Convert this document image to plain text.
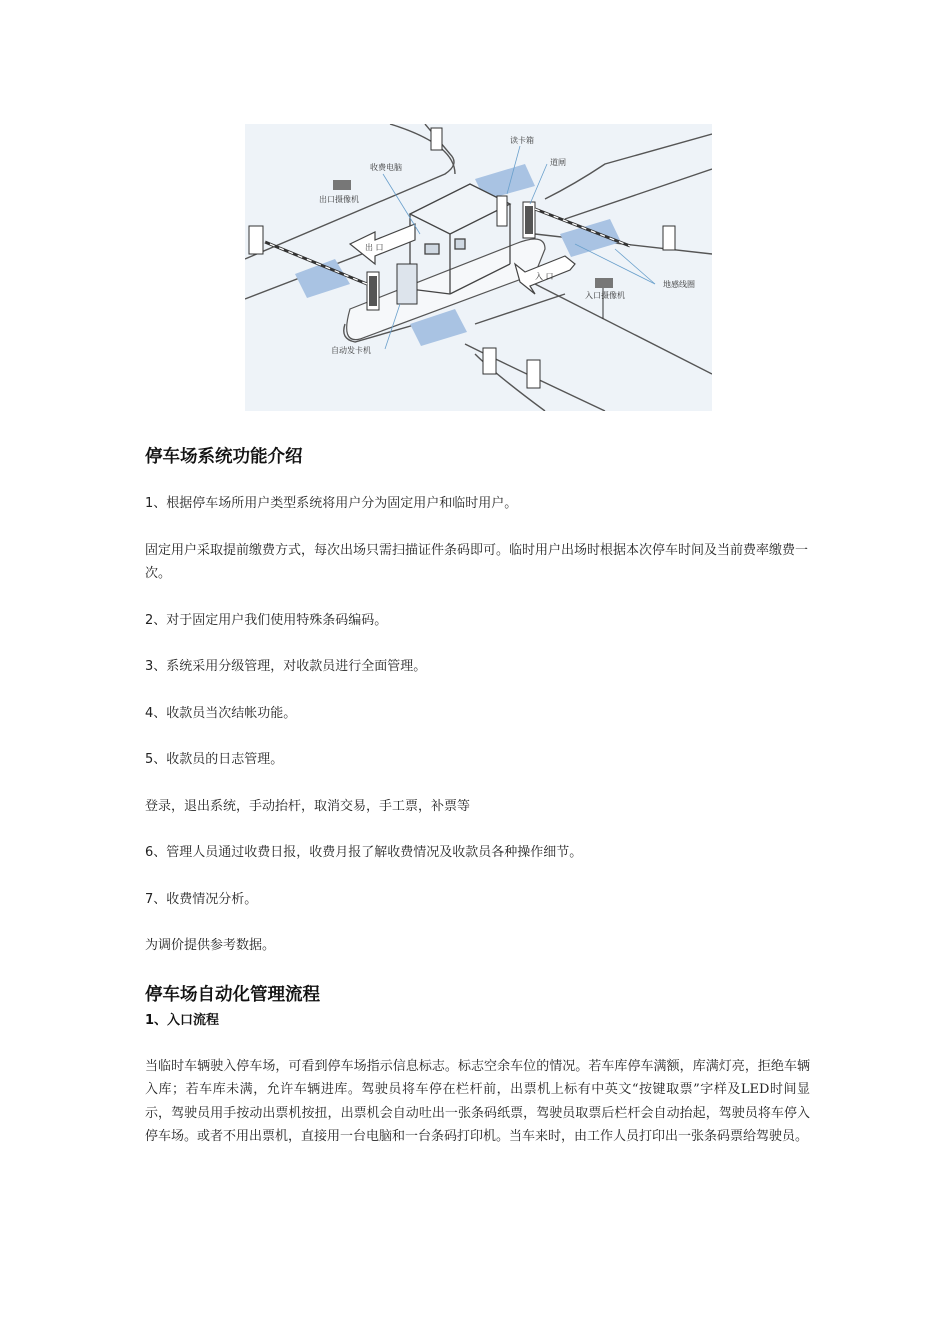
读卡箱
道闸
收费电脑
出口摄像机
出 口
入 口
入口摄像机
地感线圈
自动发卡机
停车场系统功能介绍

1、根据停车场所用户类型系统将用户分为固定用户和临时用户。

固定用户采取提前缴费方式，每次出场只需扫描证件条码即可。临时用户出场时根据本次停车时间及当前费率缴费一次。

2、对于固定用户我们使用特殊条码编码。

3、系统采用分级管理，对收款员进行全面管理。

4、收款员当次结帐功能。

5、收款员的日志管理。

登录，退出系统，手动抬杆，取消交易，手工票，补票等

6、管理人员通过收费日报，收费月报了解收费情况及收款员各种操作细节。

7、收费情况分析。

为调价提供参考数据。

停车场自动化管理流程
1、入口流程

当临时车辆驶入停车场，可看到停车场指示信息标志。标志空余车位的情况。若车库停车满额，库满灯亮，拒绝车辆入库；若车库未满，允许车辆进库。驾驶员将车停在栏杆前，出票机上标有中英文“按键取票”字样及LED时间显示，驾驶员用手按动出票机按扭，出票机会自动吐出一张条码纸票，驾驶员取票后栏杆会自动抬起，驾驶员将车停入停车场。或者不用出票机，直接用一台电脑和一台条码打印机。当车来时，由工作人员打印出一张条码票给驾驶员。
